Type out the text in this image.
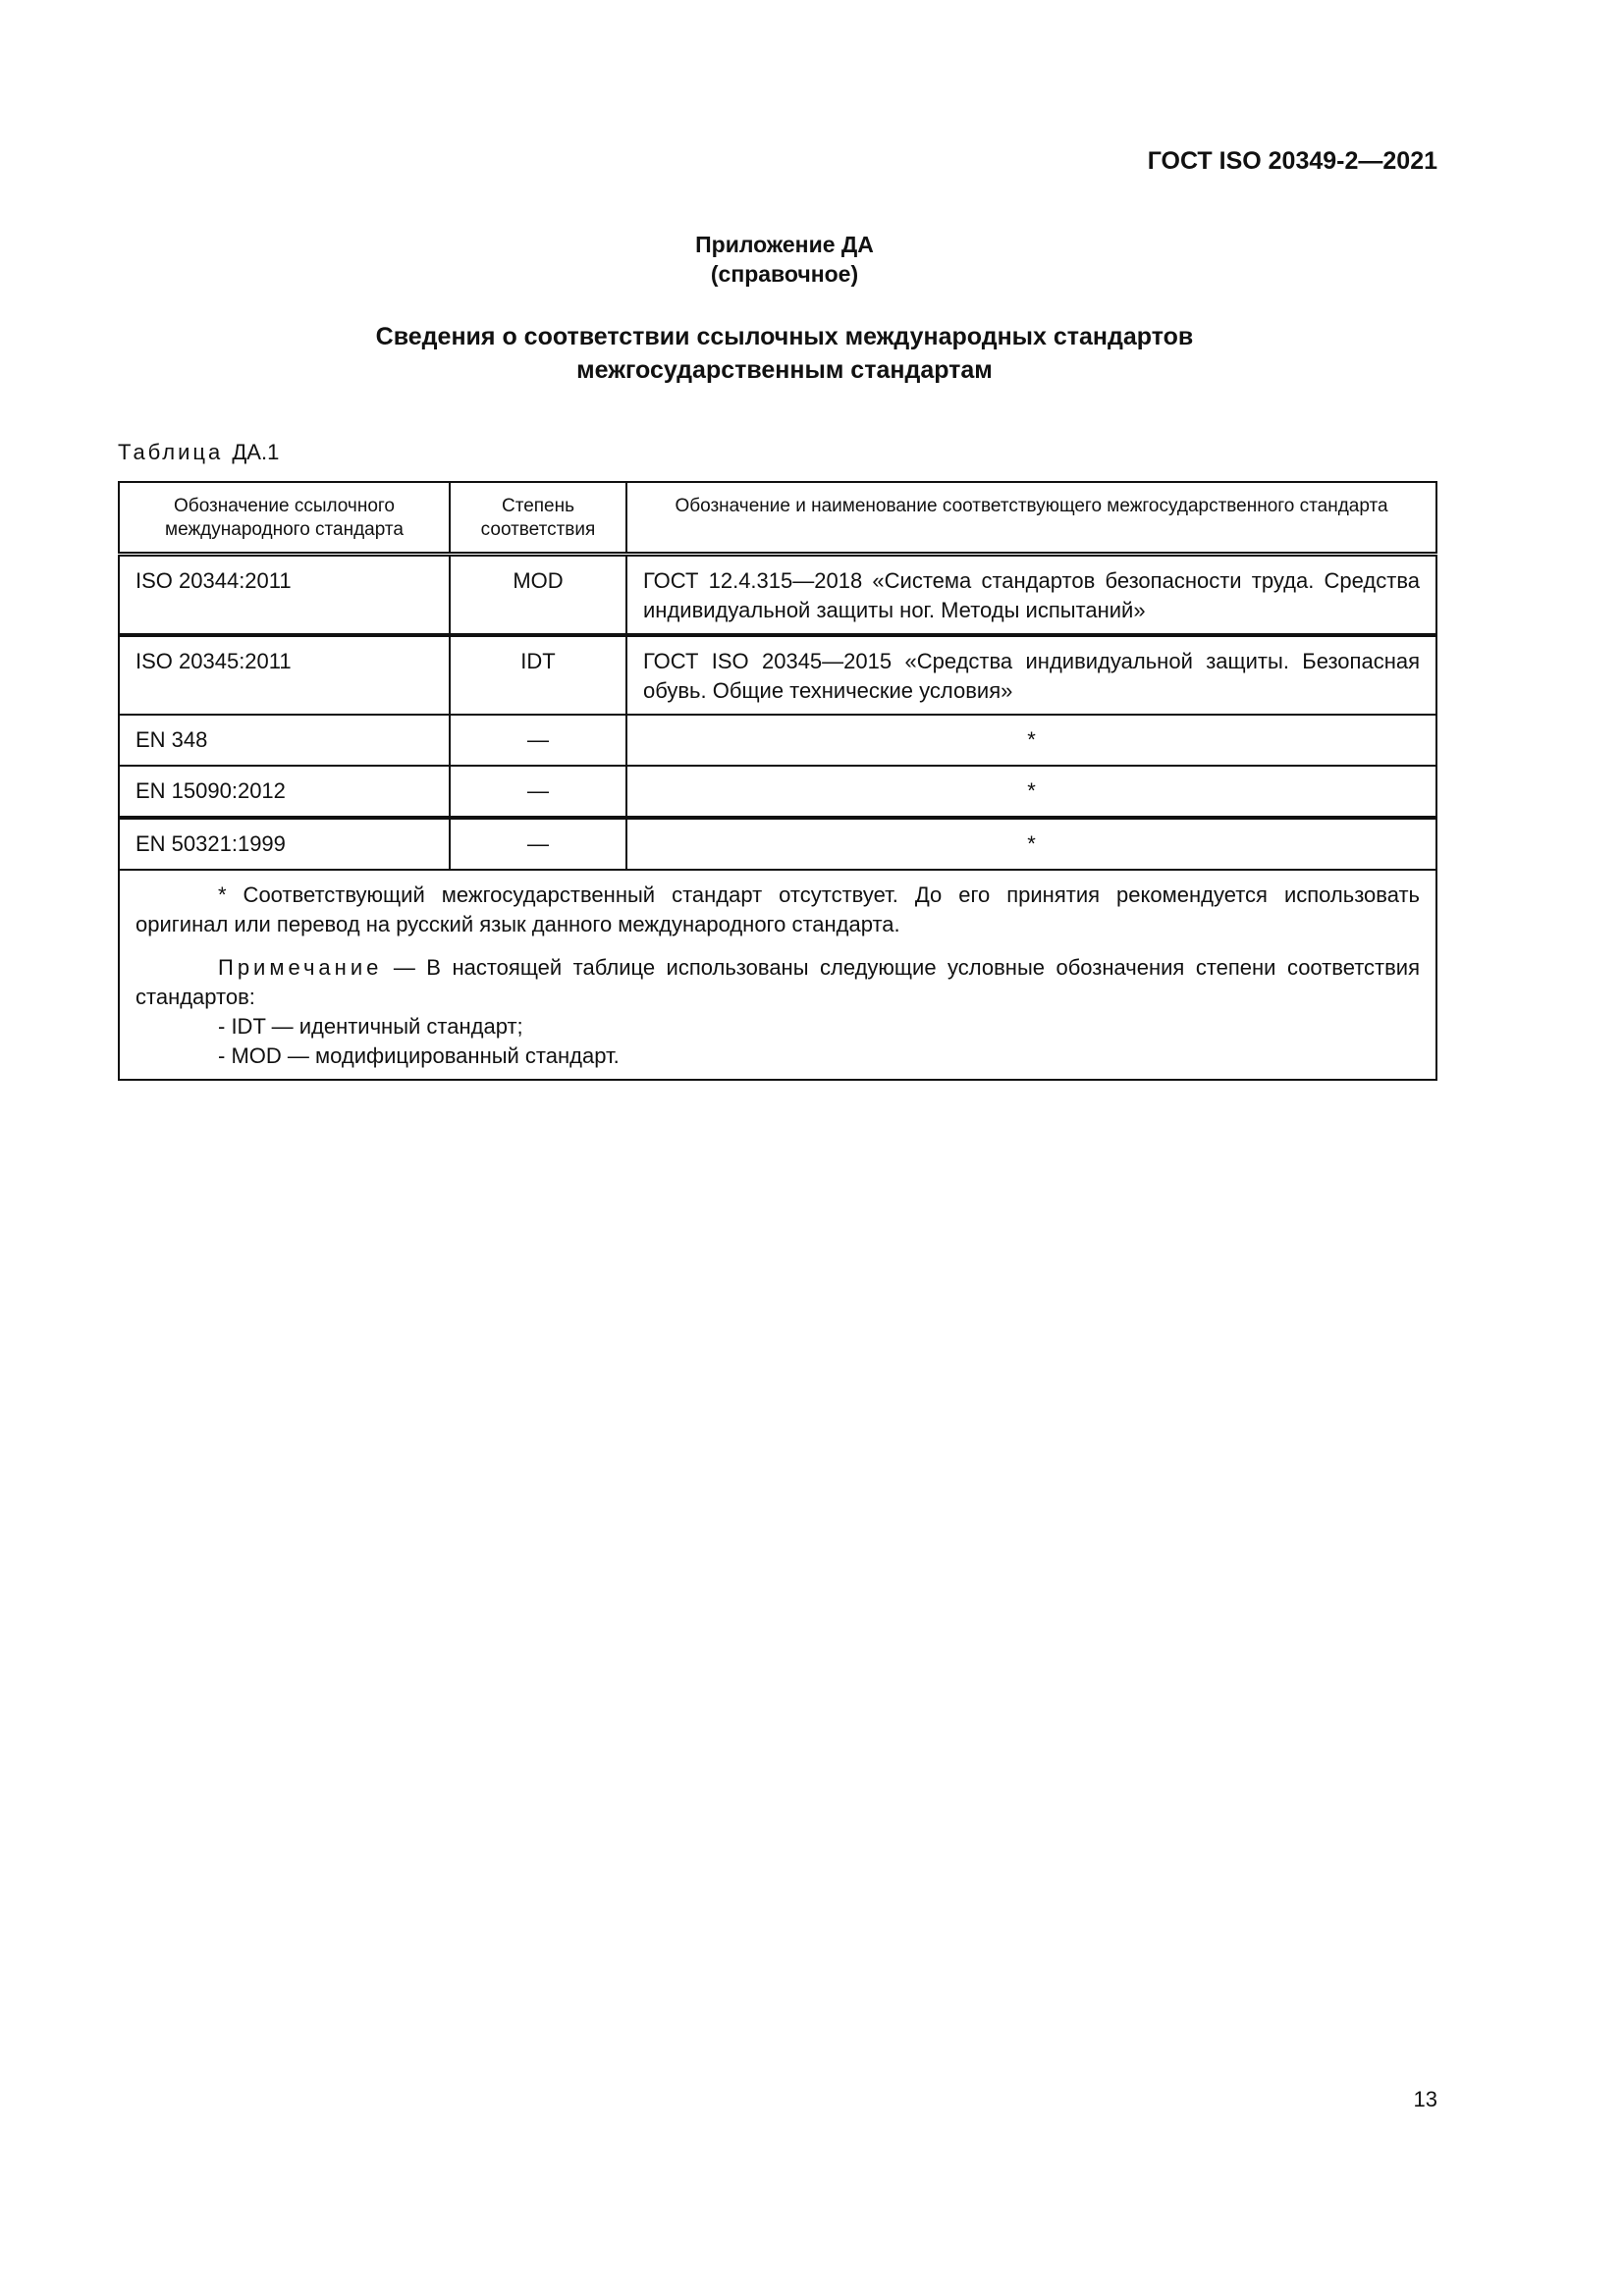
ГОСТ ISO 20349-2—2021
Приложение ДА
(справочное)
Сведения о соответствии ссылочных международных стандартов
межгосударственным стандартам
Таблица ДА.1
Обозначение ссылочного международного стандарта	Степень соответствия	Обозначение и наименование соответствующего межгосударственного стандарта
ISO 20344:2011	MOD	ГОСТ 12.4.315—2018 «Система стандартов безопасности труда. Средства индивидуальной защиты ног. Методы испытаний»
ISO 20345:2011	IDT	ГОСТ ISO 20345—2015 «Средства индивидуальной защиты. Безопасная обувь. Общие технические условия»
EN 348	—	*
EN 15090:2012	—	*
EN 50321:1999	—	*

* Соответствующий межгосударственный стандарт отсутствует. До его принятия рекомендуется использовать оригинал или перевод на русский язык данного международного стандарта.

Примечание — В настоящей таблице использованы следующие условные обозначения степени соответствия стандартов:

- IDT — идентичный стандарт;

- MOD — модифицированный стандарт.		

13
